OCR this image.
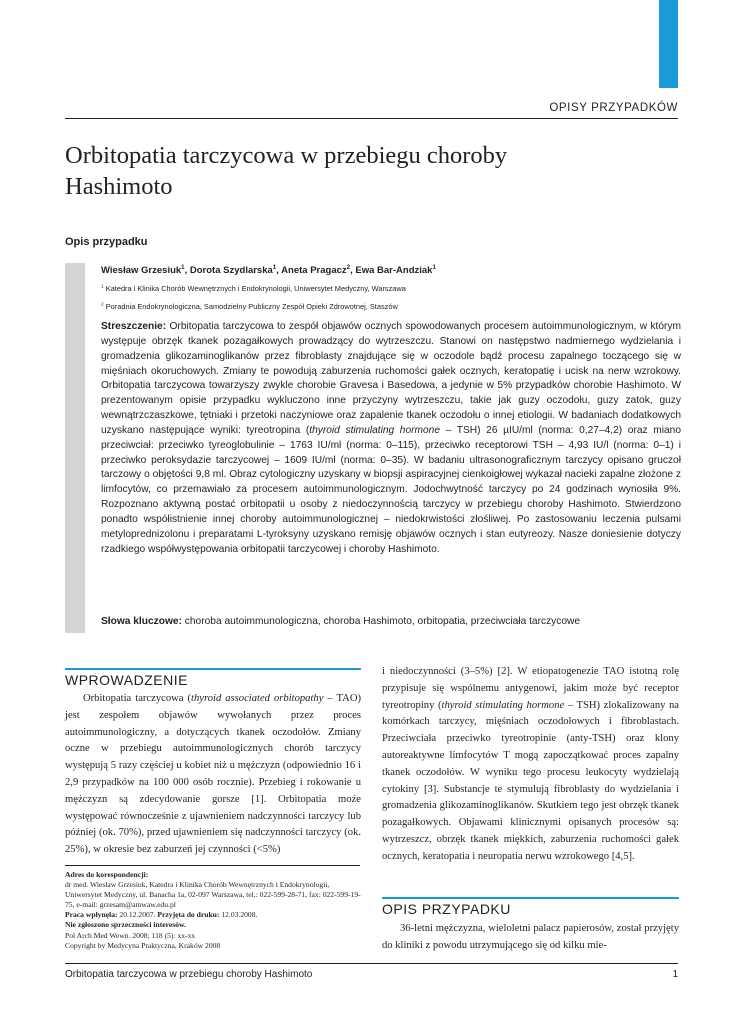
OPISY PRZYPADKÓW
Orbitopatia tarczycowa w przebiegu choroby
Hashimoto
Opis przypadku
Wiesław Grzesiuk$^1$, Dorota Szydlarska$^1$, Aneta Pragacz$^2$, Ewa Bar-Andziak$^1$
$^1$ Katedra i Klinika Chorób Wewnętrznych i Endokrynologii, Uniwersytet Medyczny, Warszawa
$^2$ Poradnia Endokrynologiczna, Samodzielny Publiczny Zespół Opieki Zdrowotnej, Staszów
Streszczenie: Orbitopatia tarczycowa to zespół objawów ocznych spowodowanych procesem autoimmunologicznym, w którym występuje obrzęk tkanek pozagałkowych prowadzący do wytrzeszczu. Stanowi on następstwo nadmiernego wydzielania i gromadzenia glikozaminoglikanów przez fibroblasty znajdujące się w oczodole bądź procesu zapalnego toczącego się w mięśniach okoruchowych. Zmiany te powodują zaburzenia ruchomości gałek ocznych, keratopatię i ucisk na nerw wzrokowy. Orbitopatia tarczycowa towarzyszy zwykle chorobie Gravesa i Basedowa, a jedynie w 5% przypadków chorobie Hashimoto. W prezentowanym opisie przypadku wykluczono inne przyczyny wytrzeszczu, takie jak guzy oczodołu, guzy zatok, guzy wewnątrzczaszkowe, tętniaki i przetoki naczyniowe oraz zapalenie tkanek oczodołu o innej etiologii. W badaniach dodatkowych uzyskano następujące wyniki: tyreotropina (thyroid stimulating hormone – TSH) 26 µIU/ml (norma: 0,27–4,2) oraz miano przeciwciał: przeciwko tyreoglobulinie – 1763 IU/ml (norma: 0–115), przeciwko receptorowi TSH – 4,93 IU/l (norma: 0–1) i przeciwko peroksydazie tarczycowej – 1609 IU/ml (norma: 0–35). W badaniu ultrasonograficznym tarczycy opisano gruczoł tarczowy o objętości 9,8 ml. Obraz cytologiczny uzyskany w biopsji aspiracyjnej cienkoigłowej wykazał nacieki zapalne złożone z limfocytów, co przemawiało za procesem autoimmunologicznym. Jodochwytność tarczycy po 24 godzinach wynosiła 9%. Rozpoznano aktywną postać orbitopatii u osoby z niedoczynnością tarczycy w przebiegu choroby Hashimoto. Stwierdzono ponadto współistnienie innej choroby autoimmunologicznej – niedokrwistości złośliwej. Po zastosowaniu leczenia pulsami metyloprednizolonu i preparatami L-tyroksyny uzyskano remisję objawów ocznych i stan eutyreozy. Nasze doniesienie dotyczy rzadkiego współwystępowania orbitopatii tarczycowej i choroby Hashimoto.
Słowa kluczowe: choroba autoimmunologiczna, choroba Hashimoto, orbitopatia, przeciwciała tarczycowe
WPROWADZENIE

Orbitopatia tarczycowa (thyroid associated orbitopathy – TAO) jest zespołem objawów wywołanych przez proces autoimmunologiczny, a dotyczących tkanek oczodołów. Zmiany oczne w przebiegu autoimmunologicznych chorób tarczycy występują 5 razy częściej u kobiet niż u mężczyzn (odpowiednio 16 i 2,9 przypadków na 100 000 osób rocznie). Przebieg i rokowanie u mężczyzn są zdecydowanie gorsze [1]. Orbitopatia może występować równocześnie z ujawnieniem nadczynności tarczycy lub później (ok. 70%), przed ujawnieniem się nadczynności tarczycy (ok. 25%), w okresie bez zaburzeń jej czynności (<5%)

i niedoczynności (3–5%) [2]. W etiopatogenezie TAO istotną rolę przypisuje się wspólnemu antygenowi, jakim może być receptor tyreotropiny (thyroid stimulating hormone – TSH) zlokalizowany na komórkach tarczycy, mięśniach oczodołowych i fibroblastach. Przeciwciała przeciwko tyreotropinie (anty-TSH) oraz klony autoreaktywne limfocytów T mogą zapoczątkować proces zapalny tkanek oczodołów. W wyniku tego procesu leukocyty wydzielają cytokiny [3]. Substancje te stymulują fibroblasty do wydzielania i gromadzenia glikozaminoglikanów. Skutkiem tego jest obrzęk tkanek pozagałkowych. Objawami klinicznymi opisanych procesów są: wytrzeszcz, obrzęk tkanek miękkich, zaburzenia ruchomości gałek ocznych, keratopatia i neuropatia nerwu wzrokowego [4,5].

OPIS PRZYPADKU

36-letni mężczyzna, wieloletni palacz papierosów, został przyjęty do kliniki z powodu utrzymującego się od kilku mie-

Adres do korespondencji:

dr med. Wiesław Grzesiuk, Katedra i Klinika Chorób Wewnętrznych i Endokrynologii, Uniwersytet Medyczny, ul. Banacha 1a, 02-097 Warszawa, tel.: 022-599-28-71, fax: 022-599-19-75, e-mail: grzesam@amwaw.edu.pl

Praca wpłynęła: 20.12.2007. Przyjęta do druku: 12.03.2008.

Nie zgłoszono sprzeczności interesów.

Pol Arch Med Wewn. 2008; 118 (5): xx-xx

Copyright by Medycyna Praktyczna, Kraków 2008

Orbitopatia tarczycowa w przebiegu choroby Hashimoto	1
